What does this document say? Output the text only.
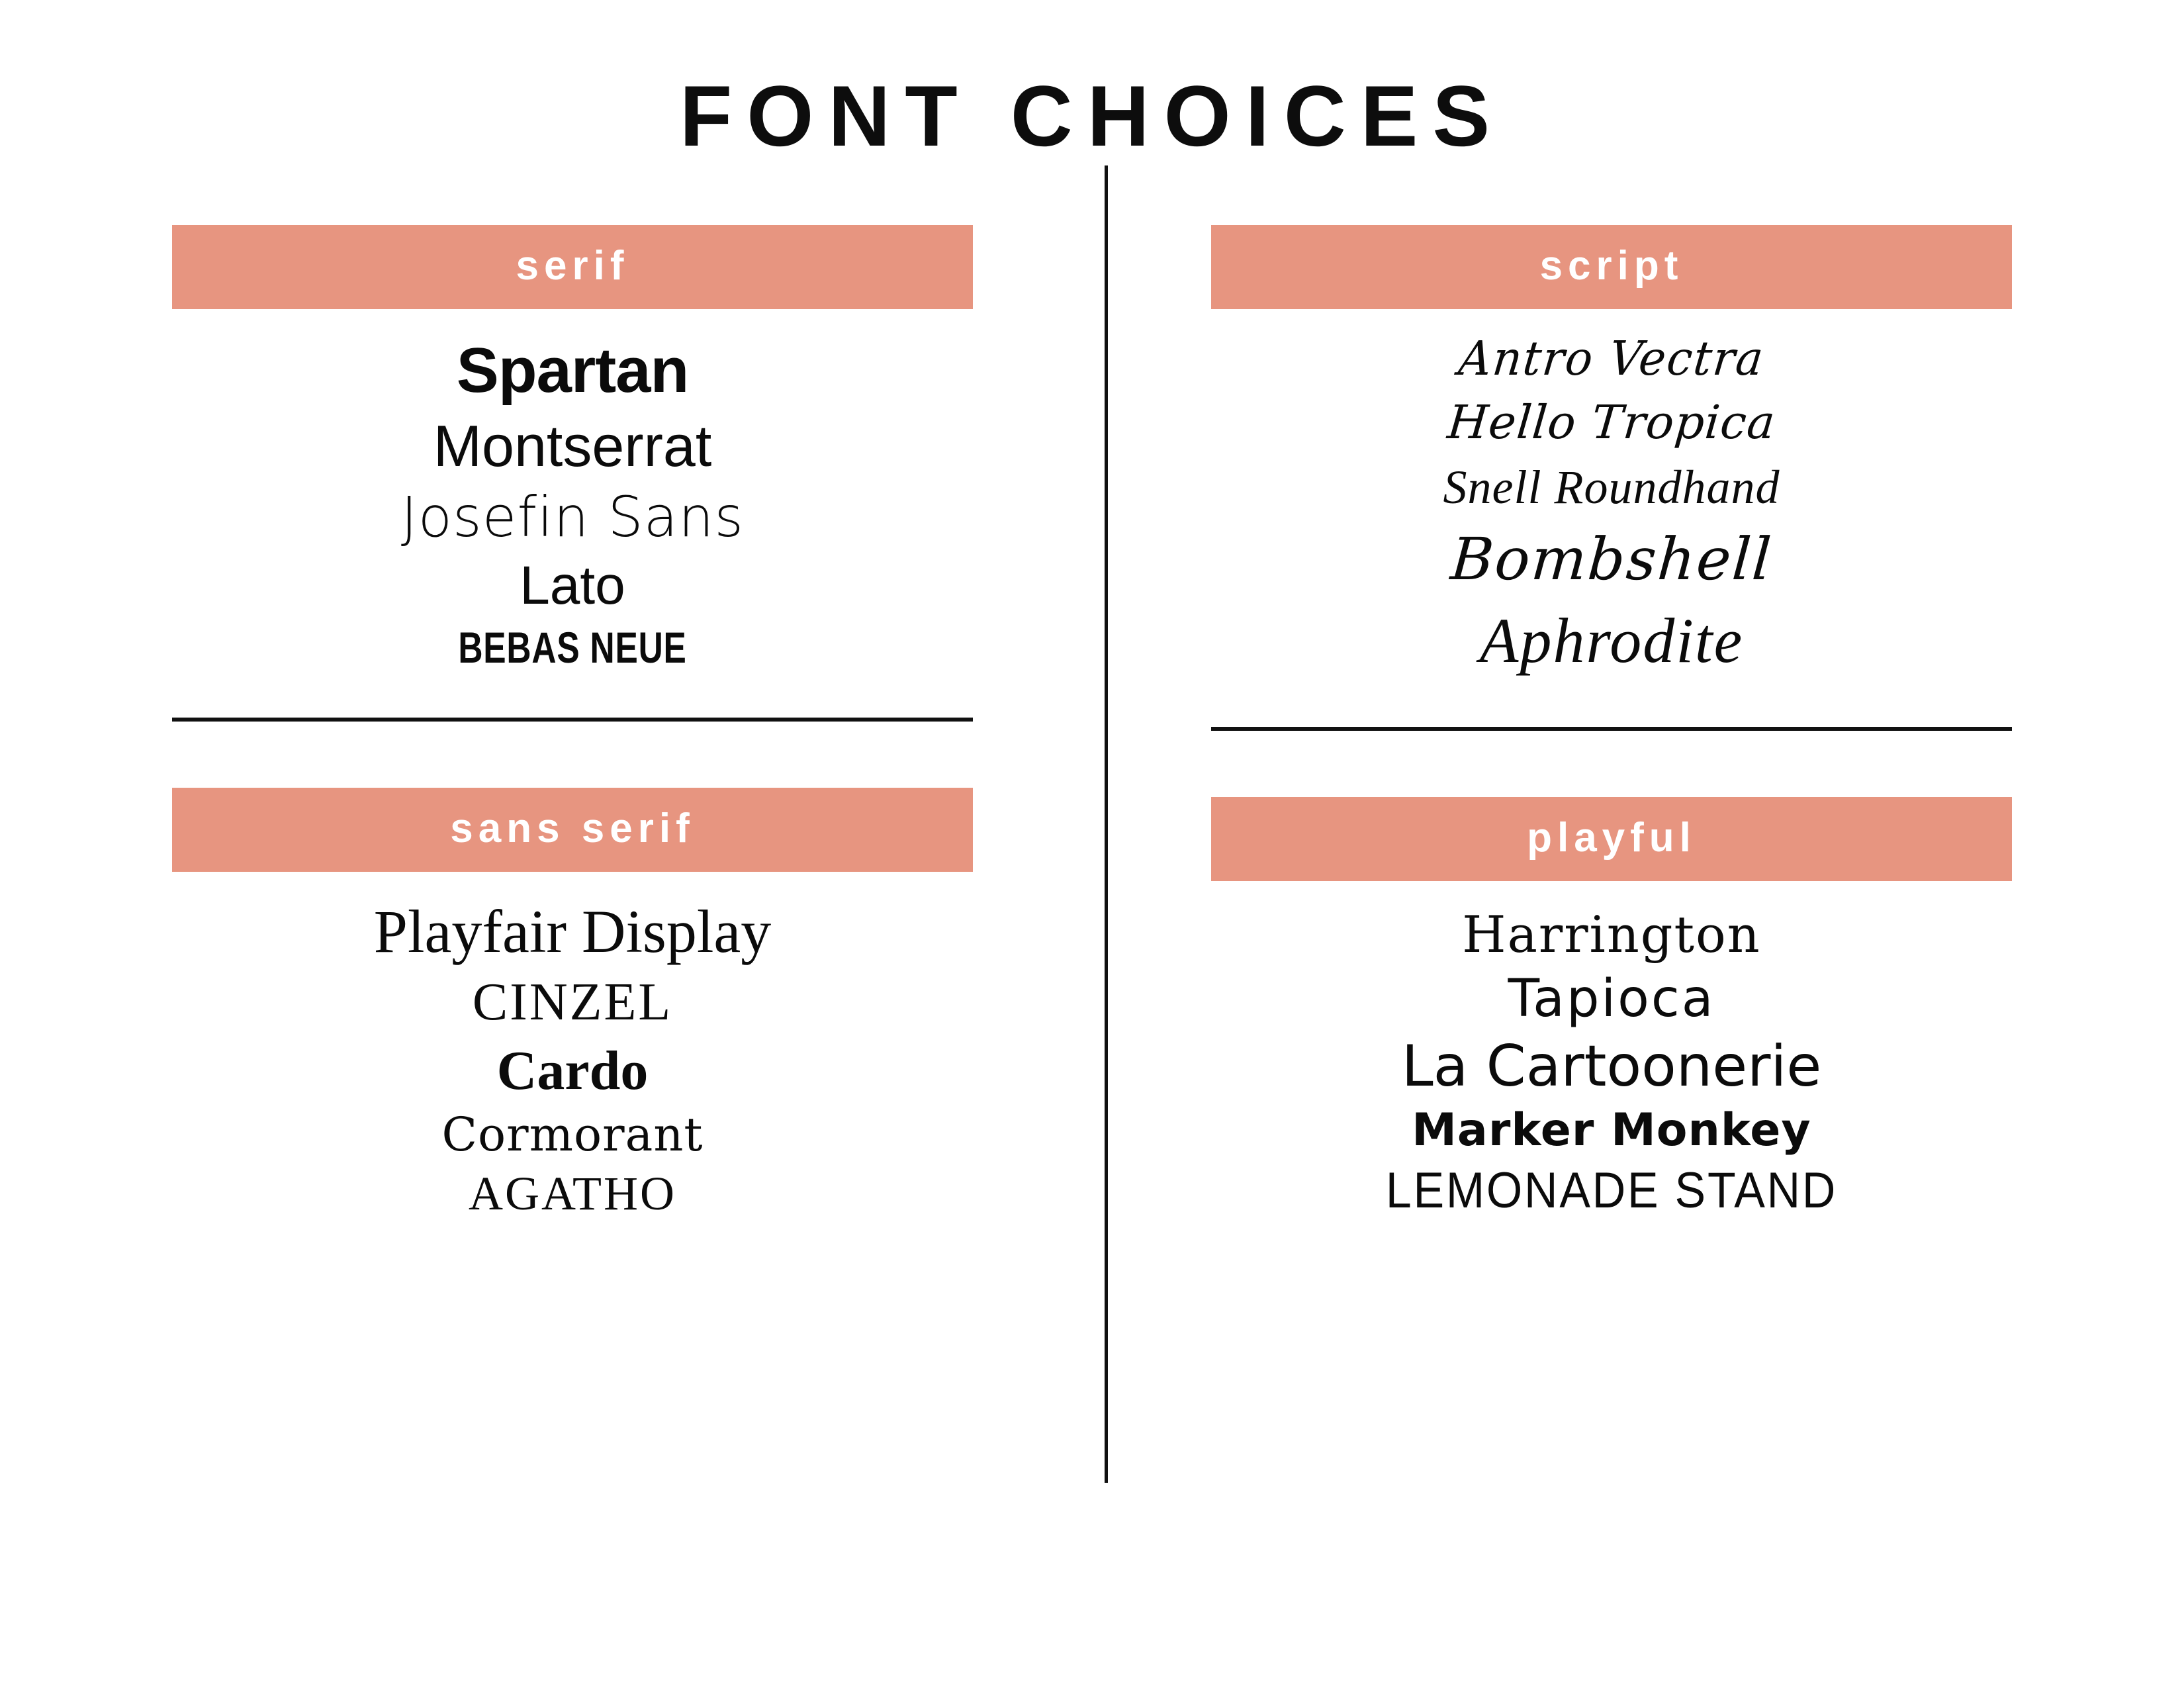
FONT CHOICES
serif
Spartan
Montserrat
Josefin Sans
Lato
BEBAS NEUE
sans serif
Playfair Display
CINZEL
Cardo
Cormorant
AGATHO
script
Antro Vectra
Hello Tropica
Snell Roundhand
Bombshell
Aphrodite
playful
Harrington
Tapioca
La Cartoonerie
Marker Monkey
LEMONADE STAND
